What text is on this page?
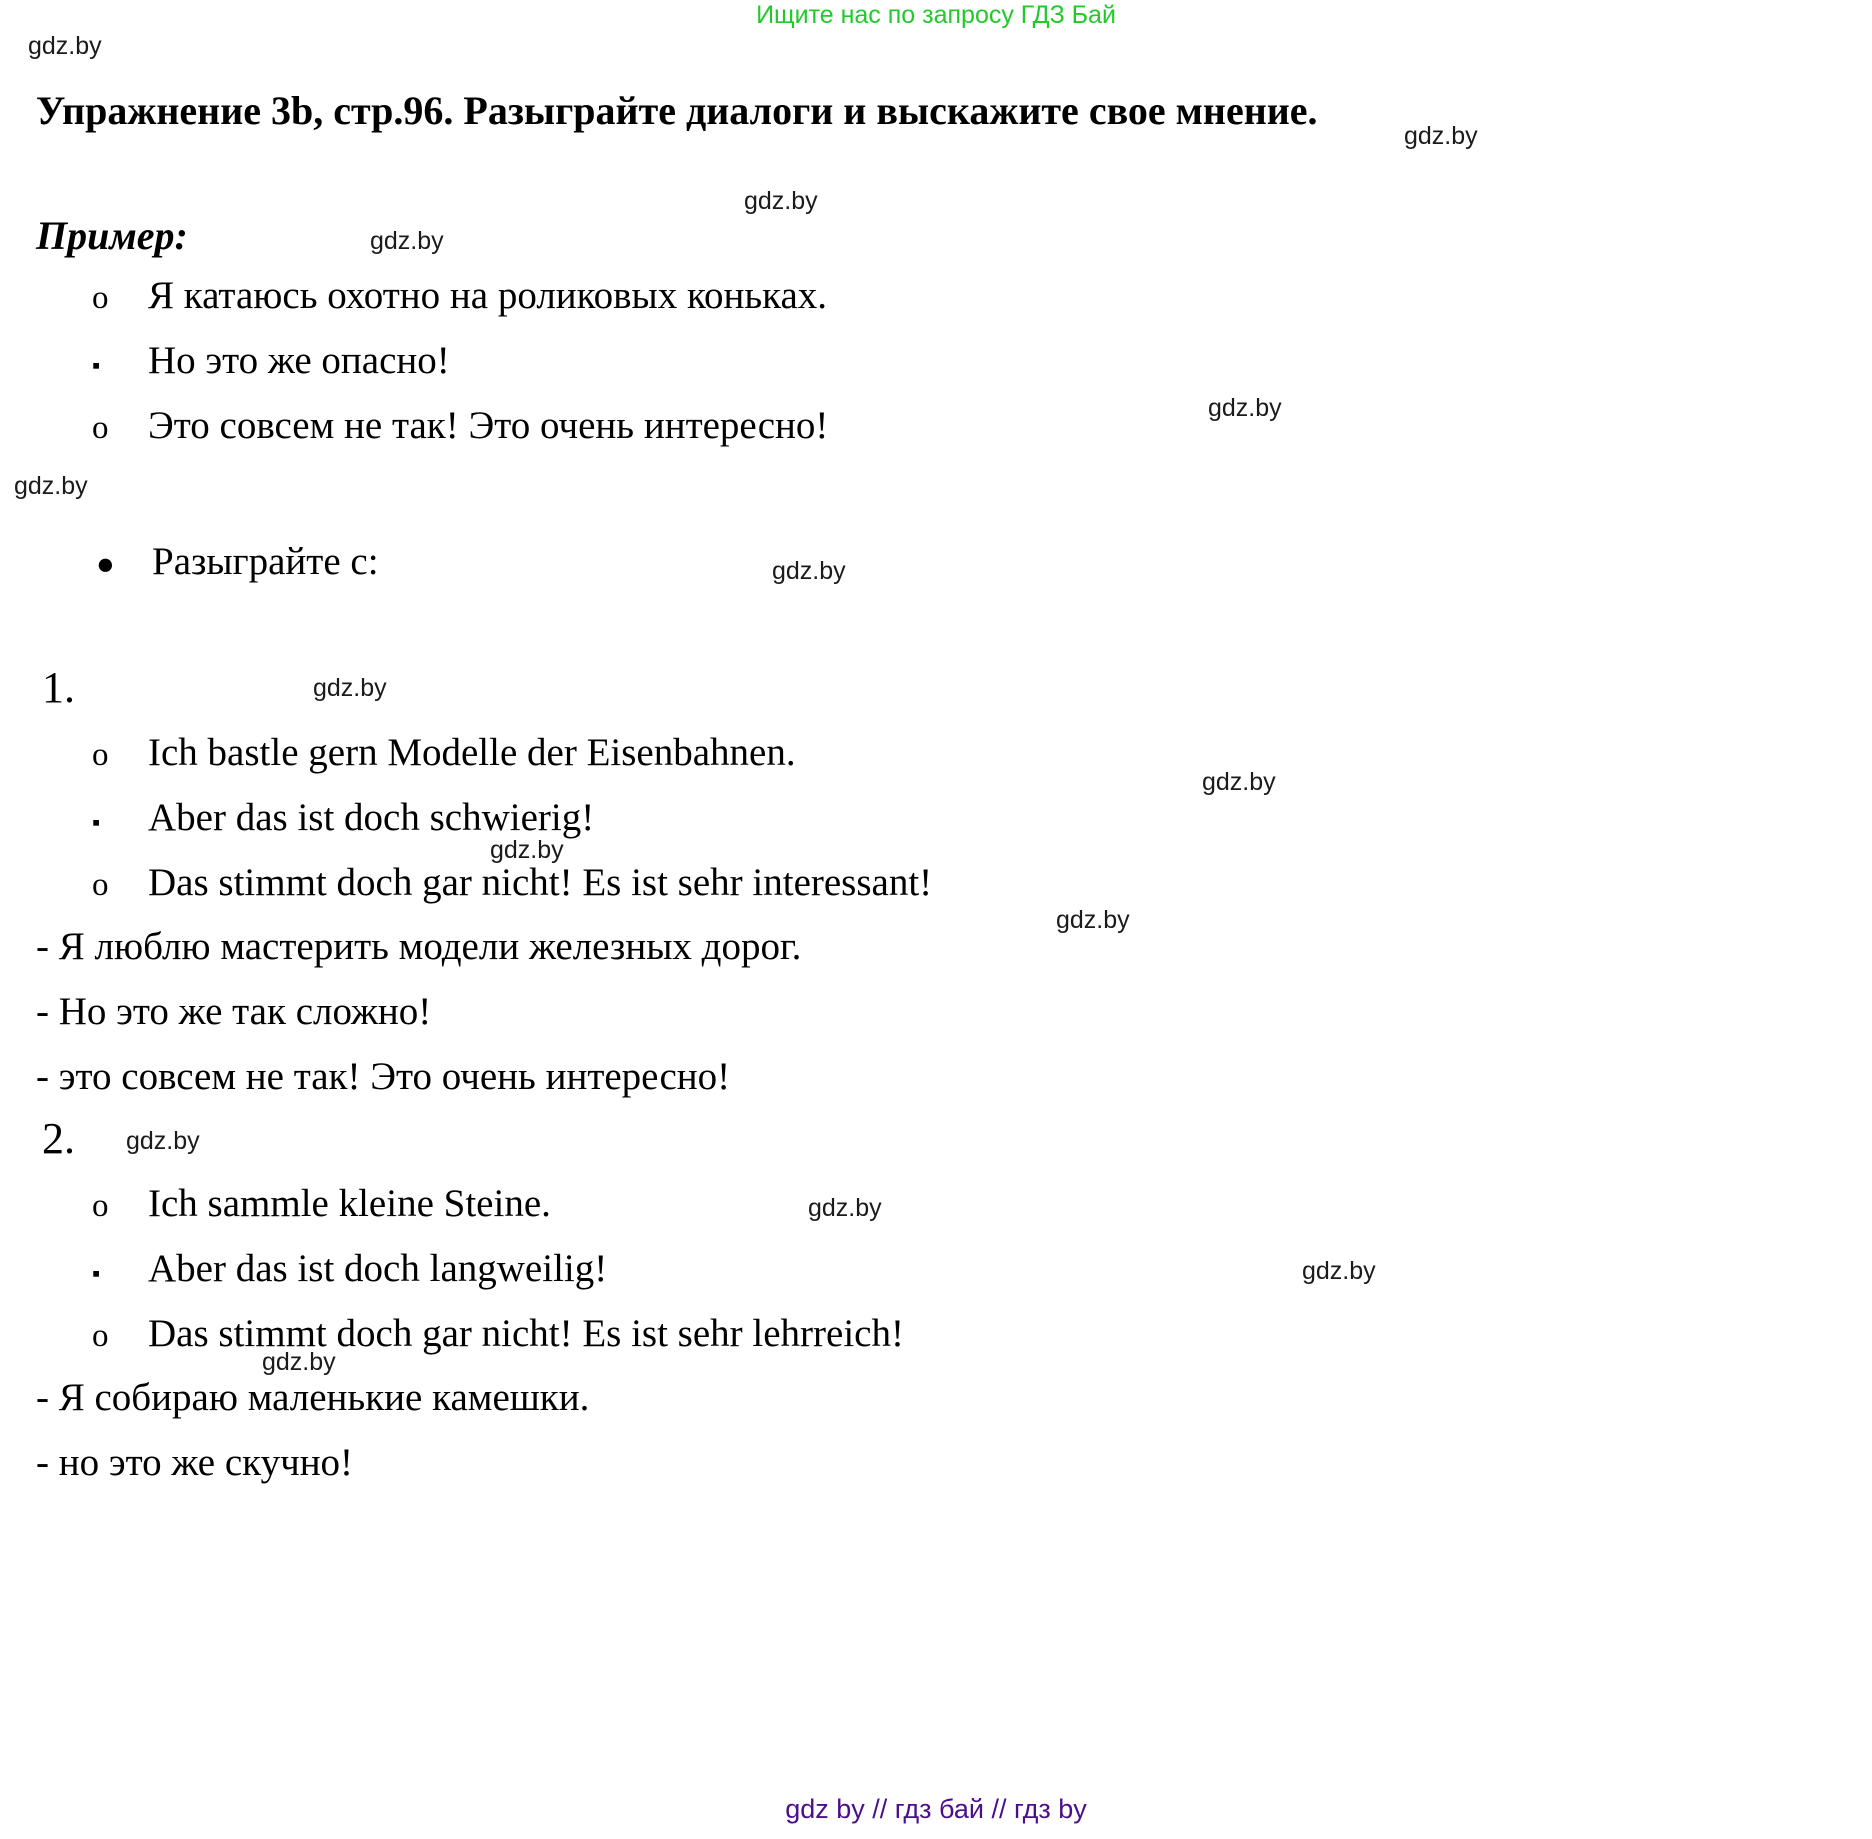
Ищите нас по запросу ГДЗ Бай
gdz.by
gdz.by
gdz.by
gdz.by
gdz.by
gdz.by
gdz.by
gdz.by
gdz.by
gdz.by
gdz.by
gdz.by
gdz.by
gdz.by
gdz.by
Упражнение 3b, стр.96. Разыграйте диалоги и выскажите свое мнение.
Пример:
o	Я катаюсь охотно на роликовых коньках.
▪	Но это же опасно!
o	Это совсем не так! Это очень интересно!
● Разыграйте с:
1.
o	Ich bastle gern Modelle der Eisenbahnen.
▪	Aber das ist doch schwierig!
o	Das stimmt doch gar nicht! Es ist sehr interessant!
- Я люблю мастерить модели железных дорог.
- Но это же так сложно!
- это совсем не так! Это очень интересно!
2.
o	Ich sammle kleine Steine.
▪	Aber das ist doch langweilig!
o	Das stimmt doch gar nicht! Es ist sehr lehrreich!
- Я собираю маленькие камешки.
- но это же скучно!
gdz by // гдз бай // гдз by
